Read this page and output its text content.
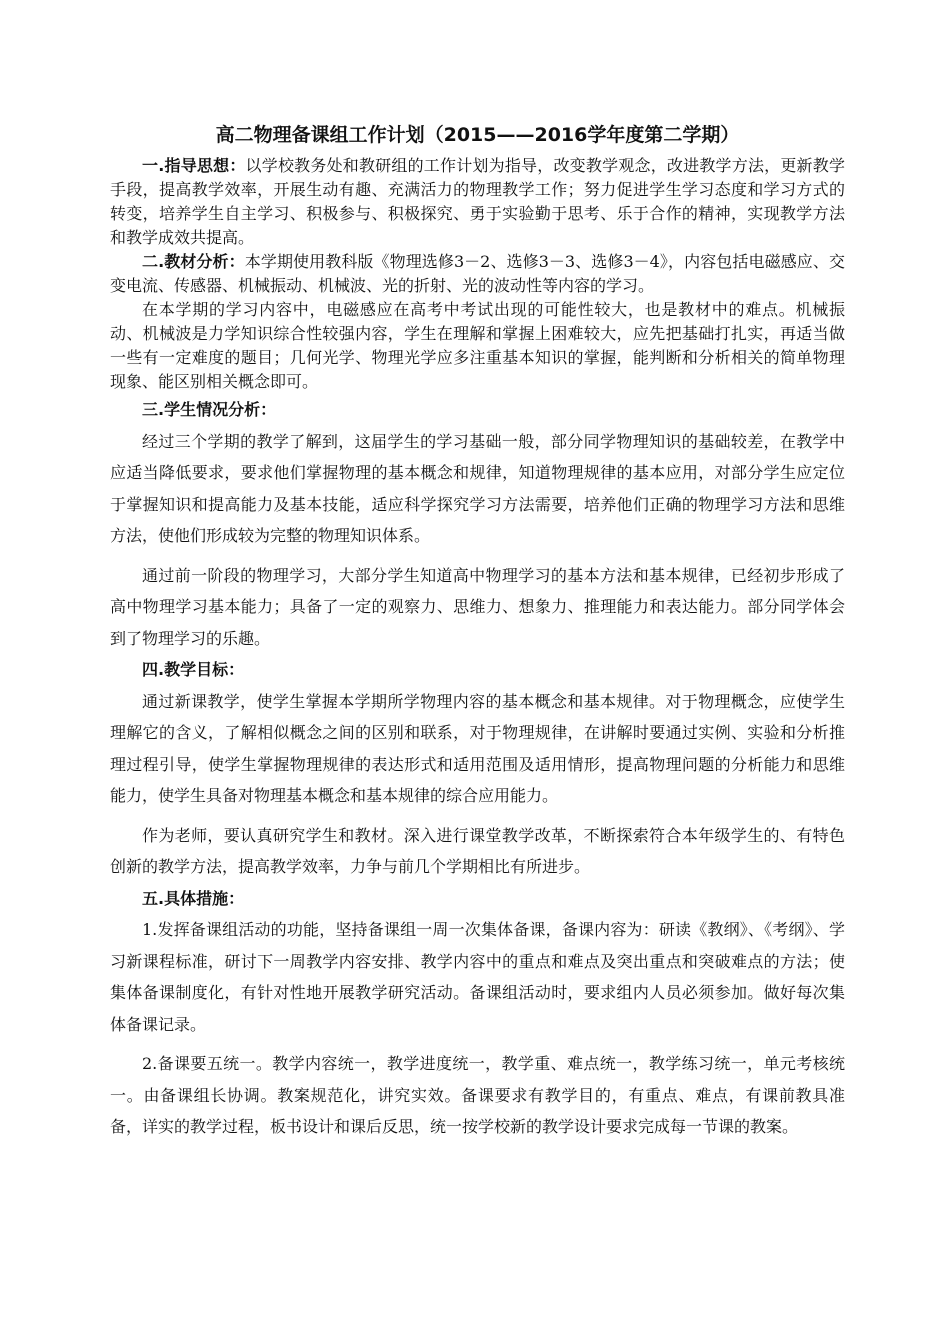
高二物理备课组工作计划（2015——2016学年度第二学期）

一.指导思想：以学校教务处和教研组的工作计划为指导，改变教学观念，改进教学方法，更新教学手段，提高教学效率，开展生动有趣、充满活力的物理教学工作；努力促进学生学习态度和学习方式的转变，培养学生自主学习、积极参与、积极探究、勇于实验勤于思考、乐于合作的精神，实现教学方法和教学成效共提高。

二.教材分析：本学期使用教科版《物理选修3－2、选修3－3、选修3－4》，内容包括电磁感应、交变电流、传感器、机械振动、机械波、光的折射、光的波动性等内容的学习。

在本学期的学习内容中，电磁感应在高考中考试出现的可能性较大，也是教材中的难点。机械振动、机械波是力学知识综合性较强内容，学生在理解和掌握上困难较大，应先把基础打扎实，再适当做一些有一定难度的题目；几何光学、物理光学应多注重基本知识的掌握，能判断和分析相关的简单物理现象、能区别相关概念即可。

三.学生情况分析：

经过三个学期的教学了解到，这届学生的学习基础一般，部分同学物理知识的基础较差，在教学中应适当降低要求，要求他们掌握物理的基本概念和规律，知道物理规律的基本应用，对部分学生应定位于掌握知识和提高能力及基本技能，适应科学探究学习方法需要，培养他们正确的物理学习方法和思维方法，使他们形成较为完整的物理知识体系。

通过前一阶段的物理学习，大部分学生知道高中物理学习的基本方法和基本规律，已经初步形成了高中物理学习基本能力；具备了一定的观察力、思维力、想象力、推理能力和表达能力。部分同学体会到了物理学习的乐趣。

四.教学目标：

通过新课教学，使学生掌握本学期所学物理内容的基本概念和基本规律。对于物理概念，应使学生理解它的含义，了解相似概念之间的区别和联系，对于物理规律，在讲解时要通过实例、实验和分析推理过程引导，使学生掌握物理规律的表达形式和适用范围及适用情形，提高物理问题的分析能力和思维能力，使学生具备对物理基本概念和基本规律的综合应用能力。

作为老师，要认真研究学生和教材。深入进行课堂教学改革，不断探索符合本年级学生的、有特色创新的教学方法，提高教学效率，力争与前几个学期相比有所进步。

五.具体措施：

1.发挥备课组活动的功能，坚持备课组一周一次集体备课，备课内容为：研读《教纲》、《考纲》、学习新课程标准，研讨下一周教学内容安排、教学内容中的重点和难点及突出重点和突破难点的方法；使集体备课制度化，有针对性地开展教学研究活动。备课组活动时，要求组内人员必须参加。做好每次集体备课记录。

2.备课要五统一。教学内容统一，教学进度统一，教学重、难点统一，教学练习统一，单元考核统一。由备课组长协调。教案规范化，讲究实效。备课要求有教学目的，有重点、难点，有课前教具准备，详实的教学过程，板书设计和课后反思，统一按学校新的教学设计要求完成每一节课的教案。
